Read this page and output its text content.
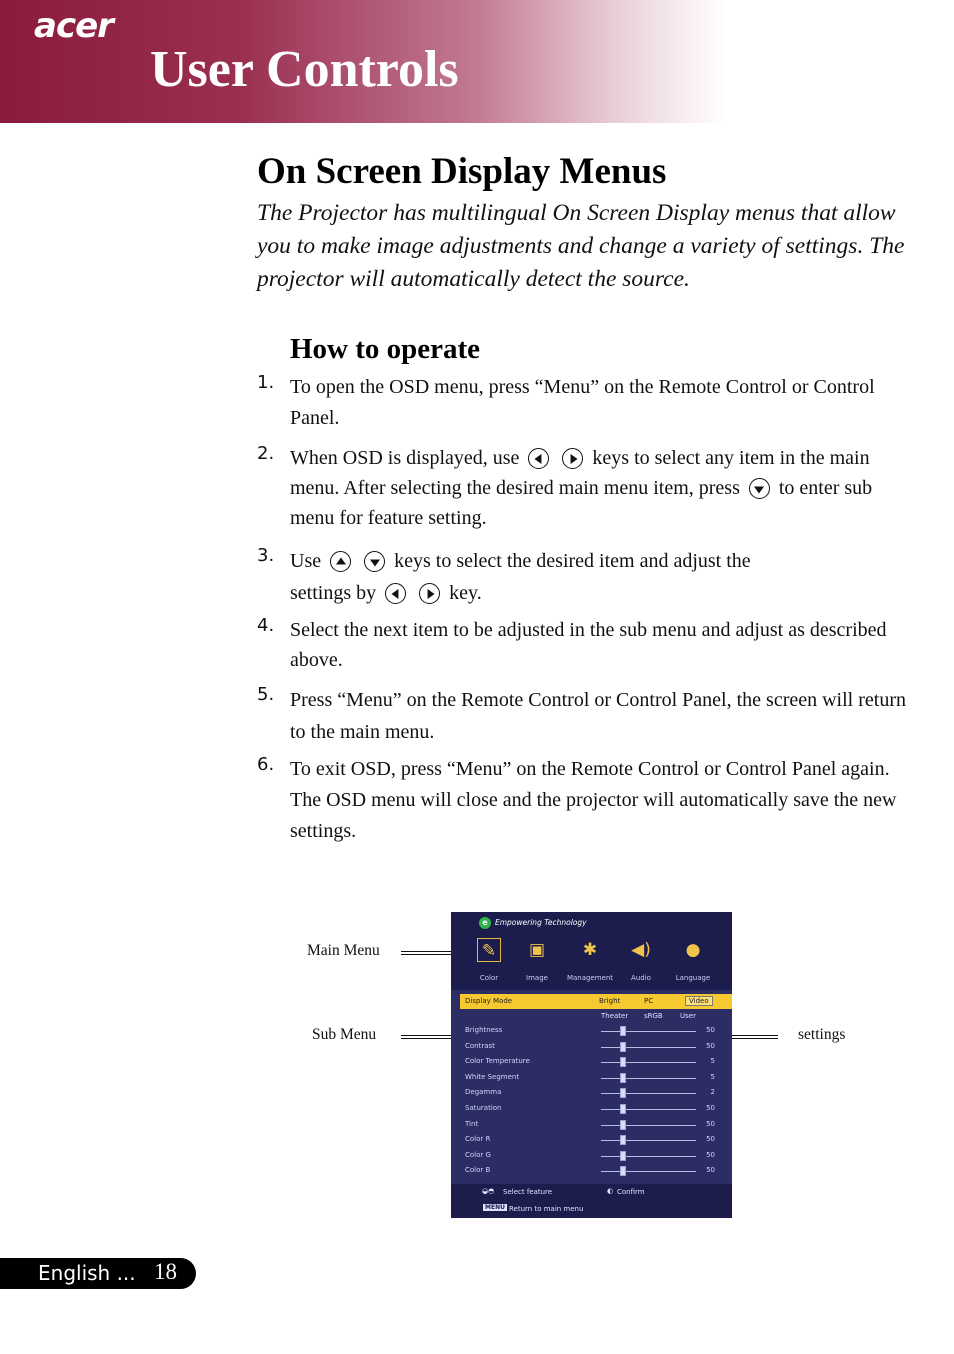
acer
User Controls
On Screen Display Menus
The Projector has multilingual On Screen Display menus that allow you to make image adjustments and change a variety of settings. The projector will automatically detect the source.
How to operate
1. To open the OSD menu, press “Menu” on the Remote Control or Control Panel.
2. When OSD is displayed, use	keys to select any item in the main menu. After selecting the desired main menu item, press to enter sub menu for feature setting.
3. Use	keys to select the desired item and adjust the settings by	key.
4. Select the next item to be adjusted in the sub menu and adjust as described above.
5. Press “Menu” on the Remote Control or Control Panel, the screen will return to the main menu.
6. To exit OSD, press “Menu” on the Remote Control or Control Panel again. The OSD menu will close and the projector will automatically save the new settings.
Main Menu
Sub Menu	settings
e Empowering Technology
✎
Color
▣
Image
✱
Management
◀)
Audio
●
Language
Display Mode	Bright	PC	Video
Theater sRGB User
Brightness	50
Contrast	50
Color Temperature	5
White Segment	5
Degamma	2
Saturation	50
Tint	50
Color R	50
Color G	50
Color B	50
◒◓ Select feature	◐ Confirm
MENU Return to main menu
English ... 18
